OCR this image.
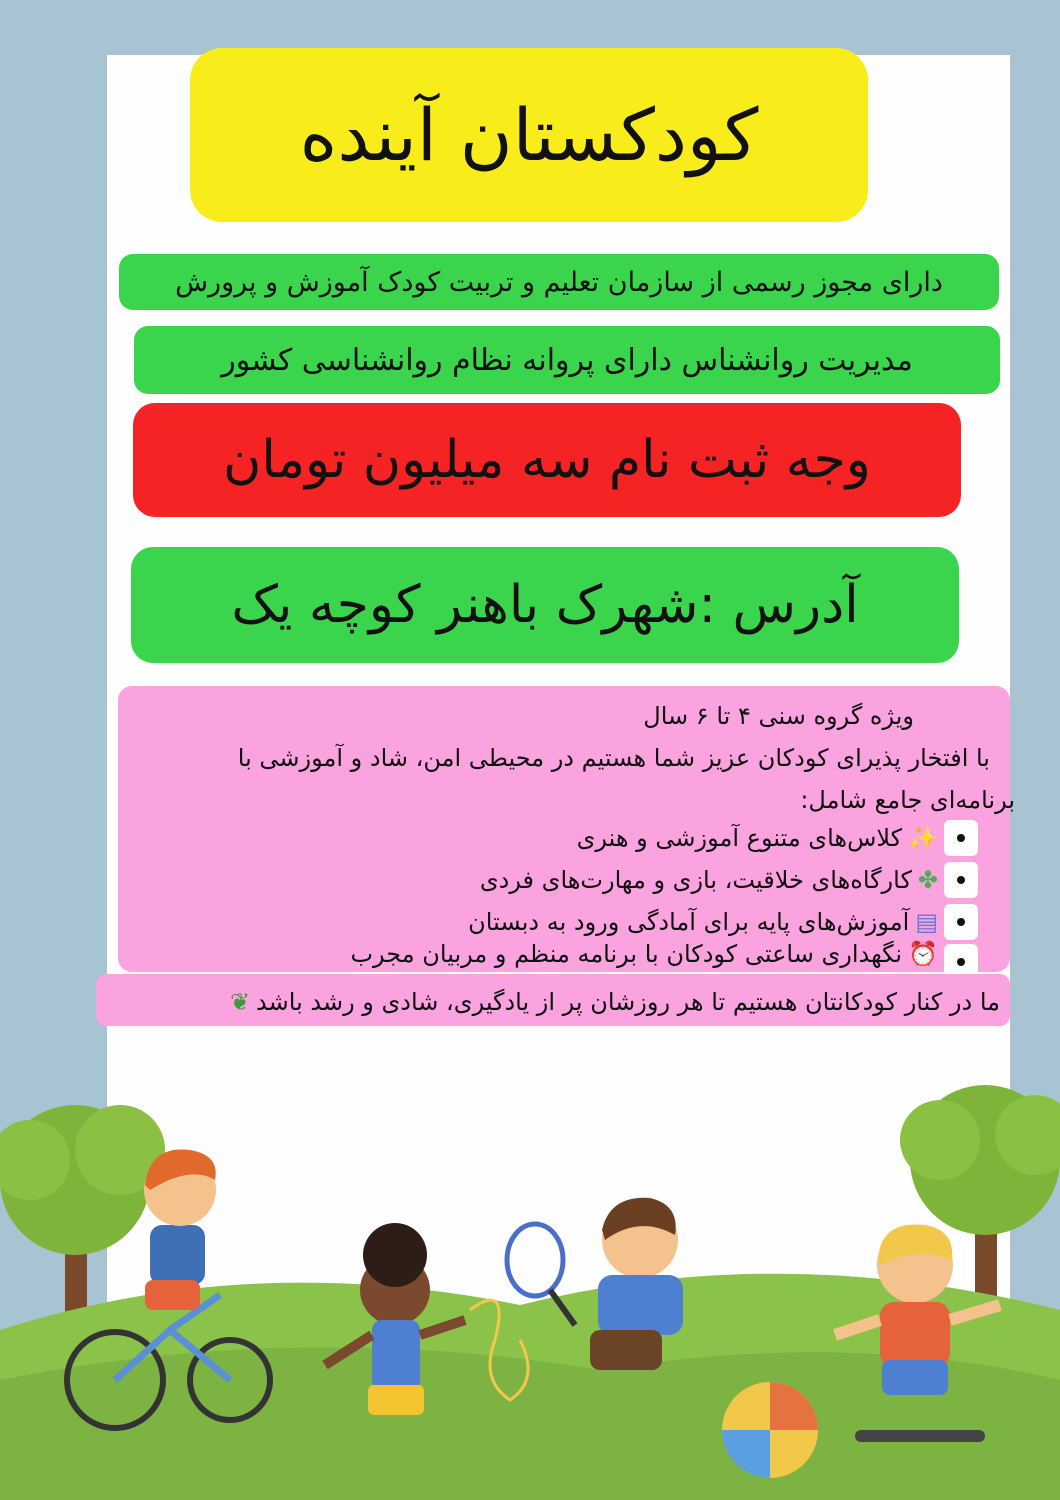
کودکستان آینده
دارای مجوز رسمی از سازمان تعلیم و تربیت کودک آموزش و پرورش
مدیریت روانشناس دارای پروانه نظام روانشناسی کشور
وجه ثبت نام سه میلیون تومان
آدرس :شهرک باهنر کوچه یک
ویژه گروه سنی ۴ تا ۶ سال
با افتخار پذیرای کودکان عزیز شما هستیم در محیطی امن، شاد و آموزشی با
برنامه‌ای جامع شامل:
✨کلاس‌های متنوع آموزشی و هنری
✤کارگاه‌های خلاقیت، بازی و مهارت‌های فردی
▤آموزش‌های پایه برای آمادگی ورود به دبستان
⏰نگهداری ساعتی کودکان با برنامه منظم و مربیان مجرب
ما در کنار کودکانتان هستیم تا هر روزشان پر از یادگیری، شادی و رشد باشد❦
